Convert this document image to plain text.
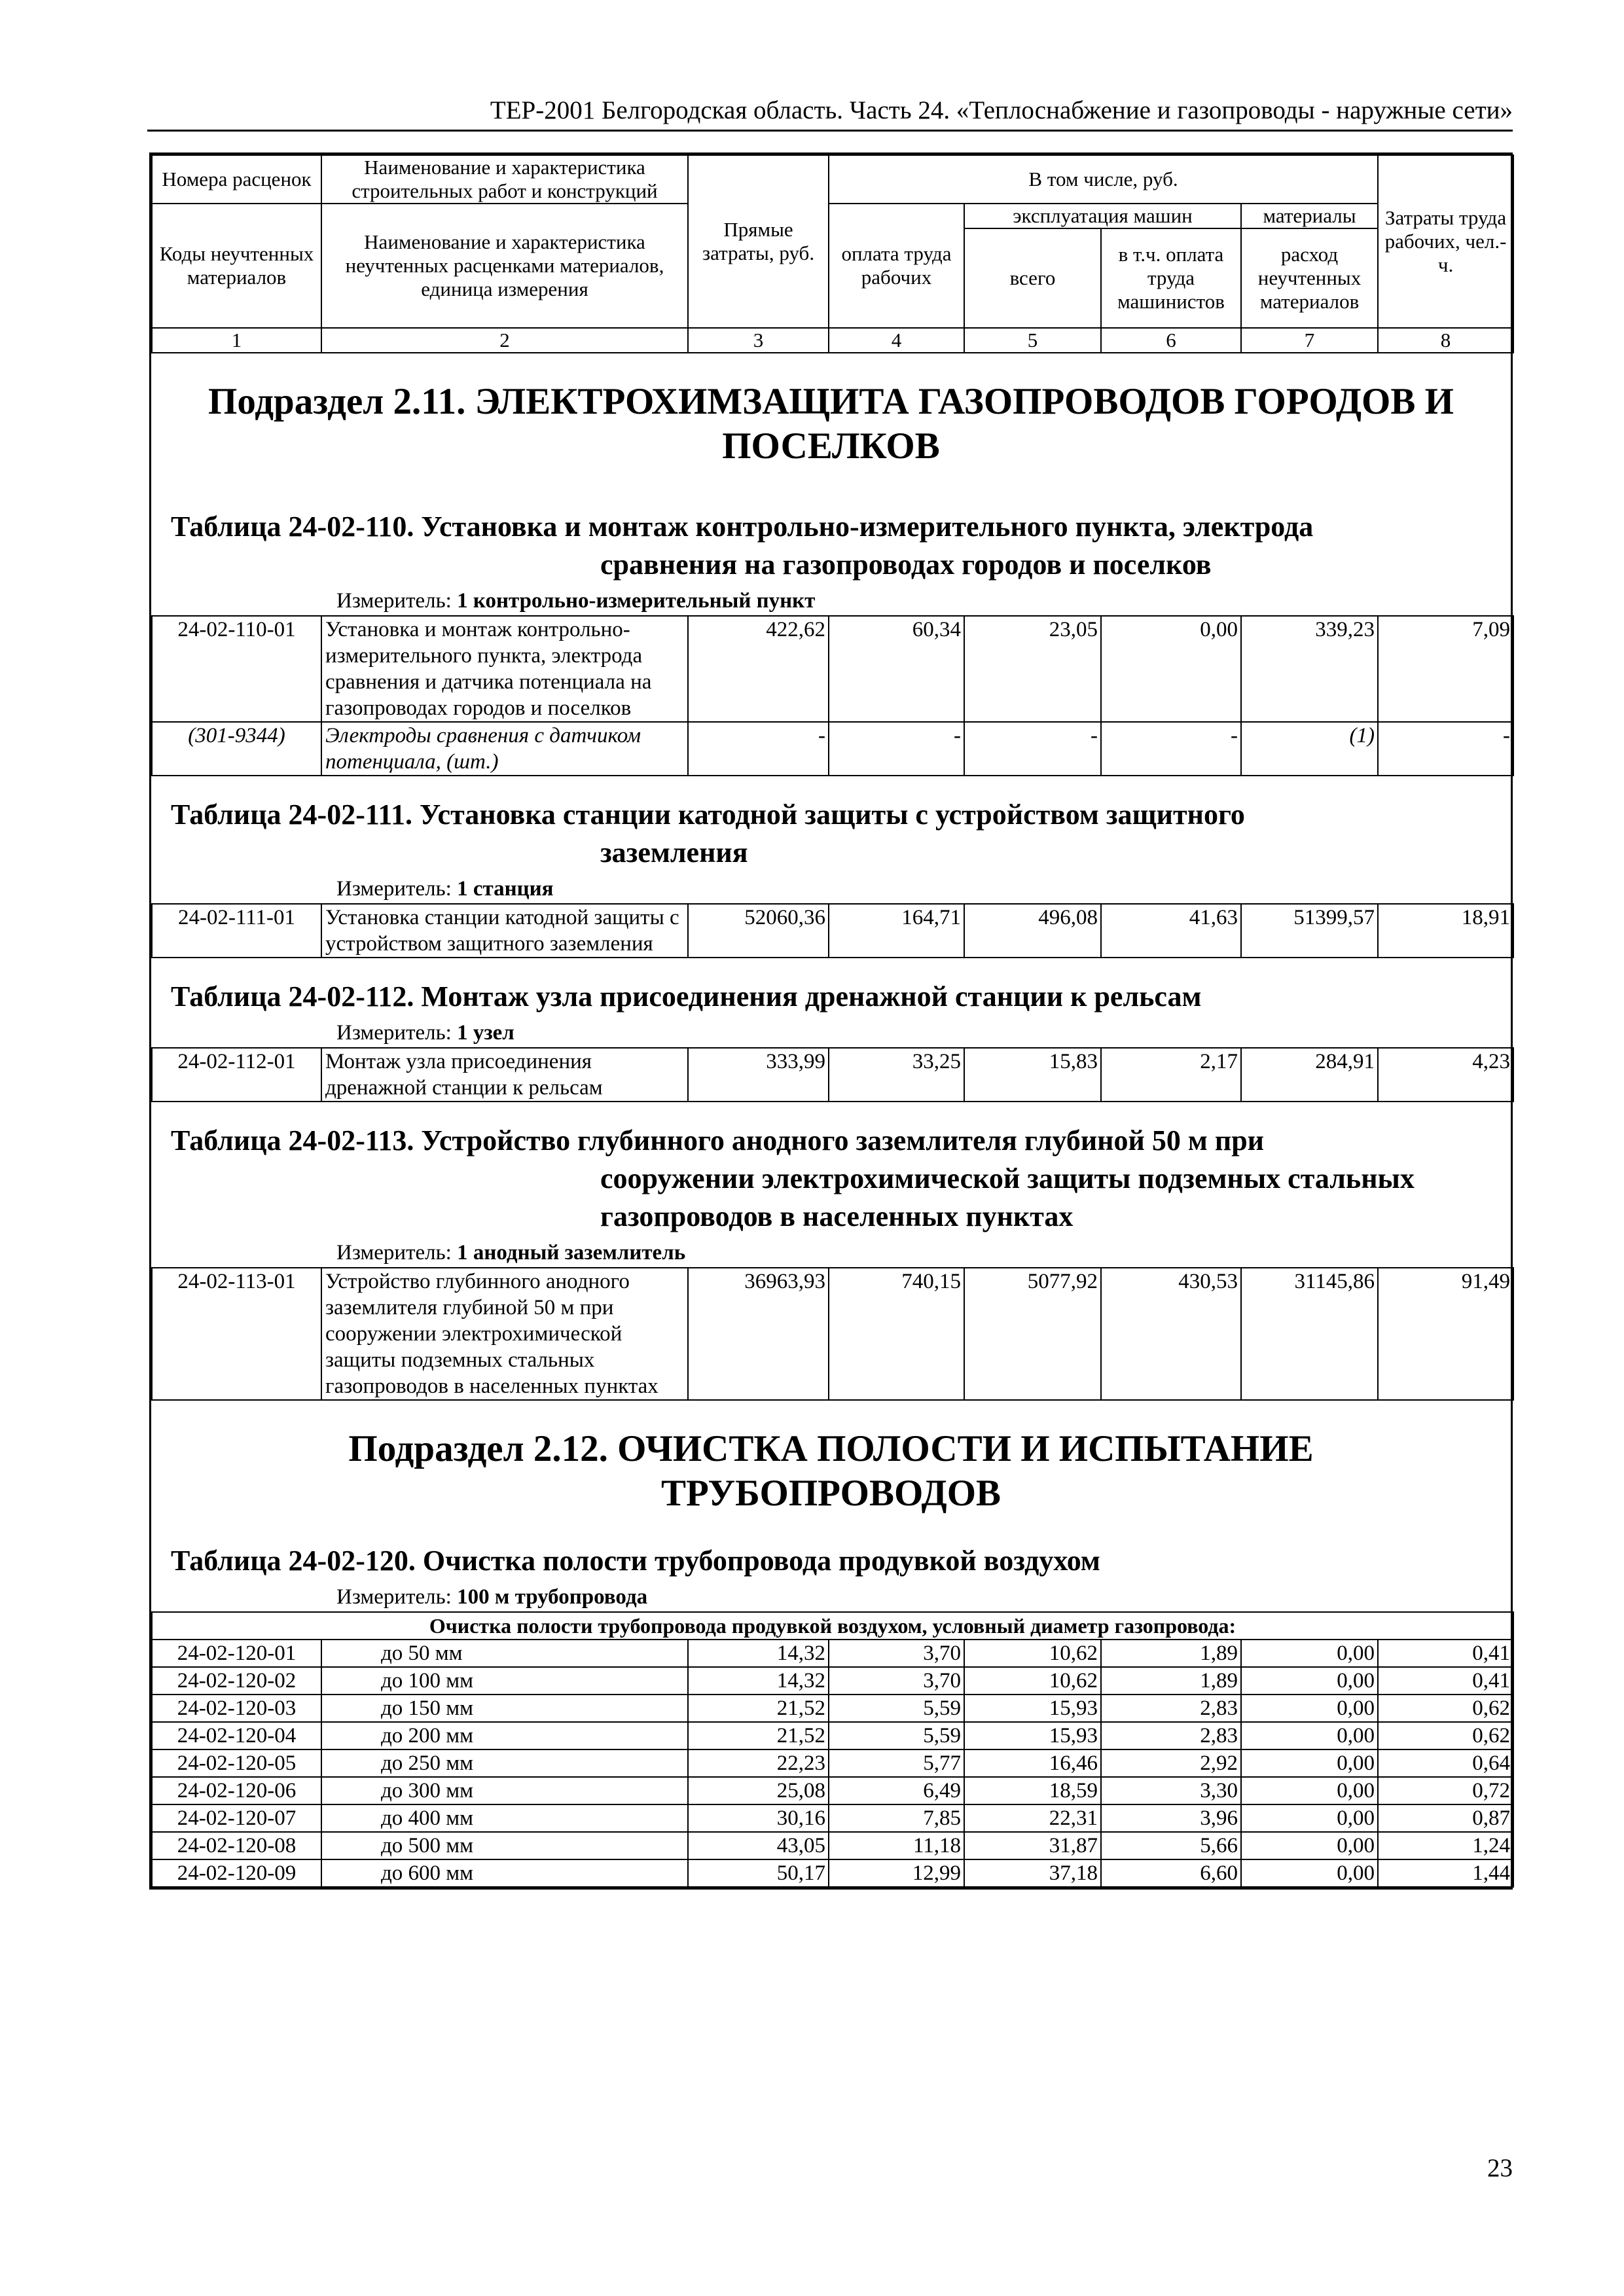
ТЕР-2001 Белгородская область. Часть 24. «Теплоснабжение и газопроводы - наружные сети»
Номера расценок	Наименование и характеристика строительных работ и конструкций	Прямые затраты, руб.	В том числе, руб.				Затраты труда рабочих, чел.-ч.
Коды неучтенных материалов	Наименование и характеристика неучтенных расценками материалов, единица измерения		оплата труда рабочих	эксплуатация машин		материалы	
				всего	в т.ч. оплата труда машинистов	расход неучтенных материалов	
1	2	3	4	5	6	7	8
Подраздел 2.11. ЭЛЕКТРОХИМЗАЩИТА ГАЗОПРОВОДОВ ГОРОДОВ И ПОСЕЛКОВ
Таблица 24-02-110. Установка и монтаж контрольно-измерительного пункта, электрода
сравнения на газопроводах городов и поселков
Измеритель: 1 контрольно-измерительный пункт
24-02-110-01	Установка и монтаж контрольно-измерительного пункта, электрода сравнения и датчика потенциала на газопроводах городов и поселков	422,62	60,34	23,05	0,00	339,23	7,09
(301-9344)	Электроды сравнения с датчиком потенциала, (шт.)	-	-	-	-	(1)	-
Таблица 24-02-111. Установка станции катодной защиты с устройством защитного
заземления
Измеритель: 1 станция
24-02-111-01	Установка станции катодной защиты с устройством защитного заземления	52060,36	164,71	496,08	41,63	51399,57	18,91
Таблица 24-02-112. Монтаж узла присоединения дренажной станции к рельсам
Измеритель: 1 узел
24-02-112-01	Монтаж узла присоединения дренажной станции к рельсам	333,99	33,25	15,83	2,17	284,91	4,23
Таблица 24-02-113. Устройство глубинного анодного заземлителя глубиной 50 м при
сооружении электрохимической защиты подземных стальных газопроводов в населенных пунктах
Измеритель: 1 анодный заземлитель
24-02-113-01	Устройство глубинного анодного заземлителя глубиной 50 м при сооружении электрохимической защиты подземных стальных газопроводов в населенных пунктах	36963,93	740,15	5077,92	430,53	31145,86	91,49
Подраздел 2.12. ОЧИСТКА ПОЛОСТИ И ИСПЫТАНИЕ ТРУБОПРОВОДОВ
Таблица 24-02-120. Очистка полости трубопровода продувкой воздухом
Измеритель: 100 м трубопровода
Очистка полости трубопровода продувкой воздухом, условный диаметр газопровода:							
24-02-120-01	до 50 мм	14,32	3,70	10,62	1,89	0,00	0,41
24-02-120-02	до 100 мм	14,32	3,70	10,62	1,89	0,00	0,41
24-02-120-03	до 150 мм	21,52	5,59	15,93	2,83	0,00	0,62
24-02-120-04	до 200 мм	21,52	5,59	15,93	2,83	0,00	0,62
24-02-120-05	до 250 мм	22,23	5,77	16,46	2,92	0,00	0,64
24-02-120-06	до 300 мм	25,08	6,49	18,59	3,30	0,00	0,72
24-02-120-07	до 400 мм	30,16	7,85	22,31	3,96	0,00	0,87
24-02-120-08	до 500 мм	43,05	11,18	31,87	5,66	0,00	1,24
24-02-120-09	до 600 мм	50,17	12,99	37,18	6,60	0,00	1,44
23
